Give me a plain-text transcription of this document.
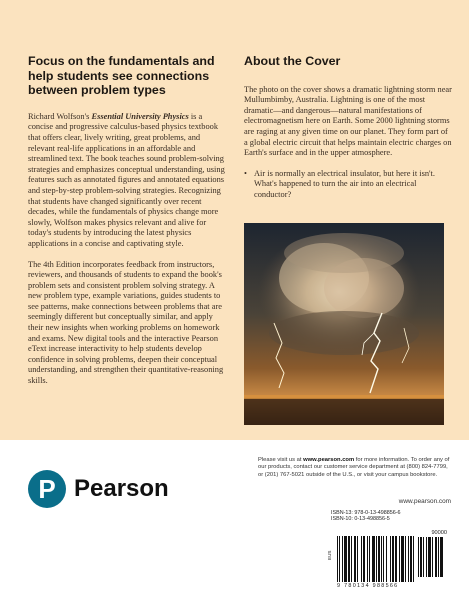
Focus on the fundamentals and help students see connections between problem types

Richard Wolfson's Essential University Physics is a concise and progressive calculus-based physics textbook that offers clear, lively writing, great problems, and relevant real-life applications in an affordable and streamlined text. The book teaches sound problem-solving strategies and emphasizes conceptual understanding, using features such as annotated figures and annotated equations and step-by-step problem-solving strategies. Recognizing that students have changed significantly over recent decades, while the fundamentals of physics change more slowly, Wolfson makes physics relevant and alive for today's students by introducing the latest physics applications in a concise and captivating style.

The 4th Edition incorporates feedback from instructors, reviewers, and thousands of students to expand the book's problem sets and consistent problem solving strategy. A new problem type, example variations, guides students to see patterns, make connections between problems that are seemingly different but conceptually similar, and apply their new insights when working problems on homework and exams. New digital tools and the interactive Pearson eText increase interactivity to help students develop confidence in solving problems, deepen their conceptual understanding, and strengthen their quantitative-reasoning skills.

About the Cover

The photo on the cover shows a dramatic lightning storm near Mullumbimby, Australia. Lightning is one of the most dramatic—and dangerous—natural manifestations of electromagnetism here on Earth. Some 2000 lightning storms are raging at any given time on our planet. They form part of a global electric circuit that helps maintain electric charges on Earth's surface and in the upper atmosphere.

• Air is normally an electrical insulator, but here it isn't. What's happened to turn the air into an electrical conductor?
P Pearson
Please visit us at www.pearson.com for more information. To order any of our products, contact our customer service department at (800) 824-7799, or (201) 767-5021 outside of the U.S., or visit your campus bookstore.
www.pearson.com
ISBN-13: 978-0-13-498856-6
ISBN-10: 0-13-498856-5
90000
EUS
9 780134 988566
